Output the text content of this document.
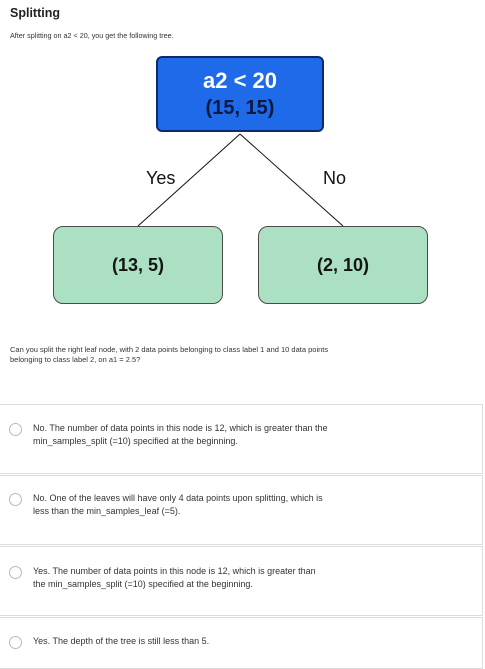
Splitting
After splitting on a2 < 20, you get the following tree.
a2 < 20
(15, 15)
Yes	No
(13, 5)	(2, 10)
Can you split the right leaf node, with 2 data points belonging to class label 1 and 10 data points
belonging to class label 2, on a1 = 2.5?
No. The number of data points in this node is 12, which is greater than the
min_samples_split (=10) specified at the beginning.
No. One of the leaves will have only 4 data points upon splitting, which is
less than the min_samples_leaf (=5).
Yes. The number of data points in this node is 12, which is greater than
the min_samples_split (=10) specified at the beginning.
Yes. The depth of the tree is still less than 5.
